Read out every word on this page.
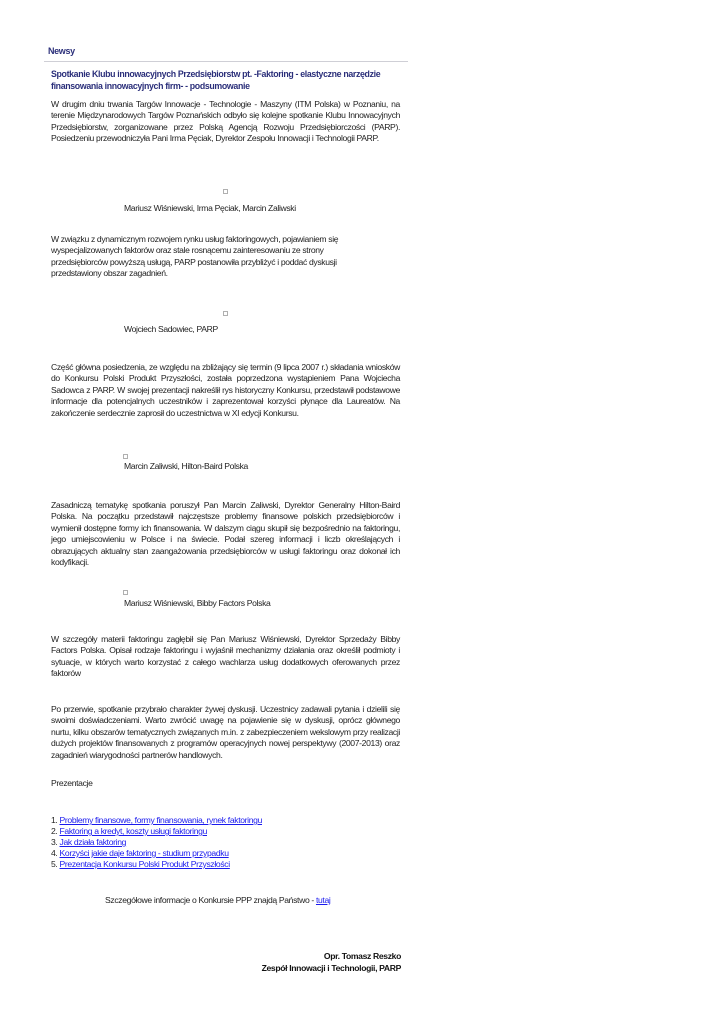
Newsy
Spotkanie Klubu innowacyjnych Przedsiębiorstw pt. -Faktoring - elastyczne narzędzie finansowania innowacyjnych firm- - podsumowanie
W drugim dniu trwania Targów Innowacje - Technologie - Maszyny (ITM Polska) w Poznaniu, na terenie Międzynarodowych Targów Poznańskich odbyło się kolejne spotkanie Klubu Innowacyjnych Przedsiębiorstw, zorganizowane przez Polską Agencją Rozwoju Przedsiębiorczości (PARP). Posiedzeniu przewodniczyła Pani Irma Pęciak, Dyrektor Zespołu Innowacji i Technologii PARP.
Mariusz Wiśniewski, Irma Pęciak, Marcin Zaliwski
W związku z dynamicznym rozwojem rynku usług faktoringowych, pojawianiem się
wyspecjalizowanych faktorów oraz stale rosnącemu zainteresowaniu ze strony
przedsiębiorców powyższą usługą, PARP postanowiła przybliżyć i poddać dyskusji
przedstawiony obszar zagadnień.
Wojciech Sadowiec, PARP
Część główna posiedzenia, ze względu na zbliżający się termin (9 lipca 2007 r.) składania wniosków do Konkursu Polski Produkt Przyszłości, została poprzedzona wystąpieniem Pana Wojciecha Sadowca z PARP. W swojej prezentacji nakreślił rys historyczny Konkursu, przedstawił podstawowe informacje dla potencjalnych uczestników i zaprezentował korzyści płynące dla Laureatów. Na zakończenie serdecznie zaprosił do uczestnictwa w XI edycji Konkursu.
Marcin Zaliwski, Hilton-Baird Polska
Zasadniczą tematykę spotkania poruszył Pan Marcin Zaliwski, Dyrektor Generalny Hilton-Baird Polska. Na początku przedstawił najczęstsze problemy finansowe polskich przedsiębiorców i wymienił dostępne formy ich finansowania. W dalszym ciągu skupił się bezpośrednio na faktoringu, jego umiejscowieniu w Polsce i na świecie. Podał szereg informacji i liczb określających i obrazujących aktualny stan zaangażowania przedsiębiorców w usługi faktoringu oraz dokonał ich kodyfikacji.
Mariusz Wiśniewski, Bibby Factors Polska
W szczegóły materii faktoringu zagłębił się Pan Mariusz Wiśniewski, Dyrektor Sprzedaży Bibby Factors Polska. Opisał rodzaje faktoringu i wyjaśnił mechanizmy działania oraz określił podmioty i sytuacje, w których warto korzystać z całego wachlarza usług dodatkowych oferowanych przez faktorów
Po przerwie, spotkanie przybrało charakter żywej dyskusji. Uczestnicy zadawali pytania i dzielili się swoimi doświadczeniami. Warto zwrócić uwagę na pojawienie się w dyskusji, oprócz głównego nurtu, kilku obszarów tematycznych związanych m.in. z zabezpieczeniem wekslowym przy realizacji dużych projektów finansowanych z programów operacyjnych nowej perspektywy (2007-2013) oraz zagadnień wiarygodności partnerów handlowych.
Prezentacje
1. Problemy finansowe, formy finansowania, rynek faktoringu
2. Faktoring a kredyt, koszty usługi faktoringu
3. Jak działa faktoring
4. Korzyści jakie daje faktoring - studium przypadku
5. Prezentacja Konkursu Polski Produkt Przyszłości
Szczegółowe informacje o Konkursie PPP znajdą Państwo - tutaj
Opr. Tomasz Reszko
Zespół Innowacji i Technologii, PARP
